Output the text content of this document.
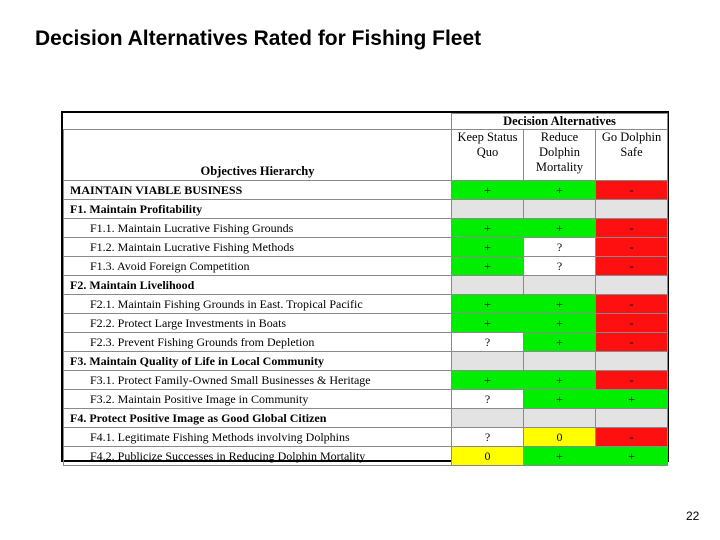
Decision Alternatives Rated for Fishing Fleet
	Decision Alternatives		
Objectives Hierarchy	Keep Status Quo	Reduce Dolphin Mortality	Go Dolphin Safe
MAINTAIN VIABLE BUSINESS	+	+	-
F1. Maintain Profitability			
F1.1. Maintain Lucrative Fishing Grounds	+	+	-
F1.2. Maintain Lucrative Fishing Methods	+	?	-
F1.3. Avoid Foreign Competition	+	?	-
F2. Maintain Livelihood			
F2.1. Maintain Fishing Grounds in East. Tropical Pacific	+	+	-
F2.2. Protect Large Investments in Boats	+	+	-
F2.3. Prevent Fishing Grounds from Depletion	?	+	-
F3. Maintain Quality of Life in Local Community			
F3.1. Protect Family-Owned Small Businesses & Heritage	+	+	-
F3.2. Maintain Positive Image in Community	?	+	+
F4. Protect Positive Image as Good Global Citizen			
F4.1. Legitimate Fishing Methods involving Dolphins	?	0	-
F4.2. Publicize Successes in Reducing Dolphin Mortality	0	+	+
22
